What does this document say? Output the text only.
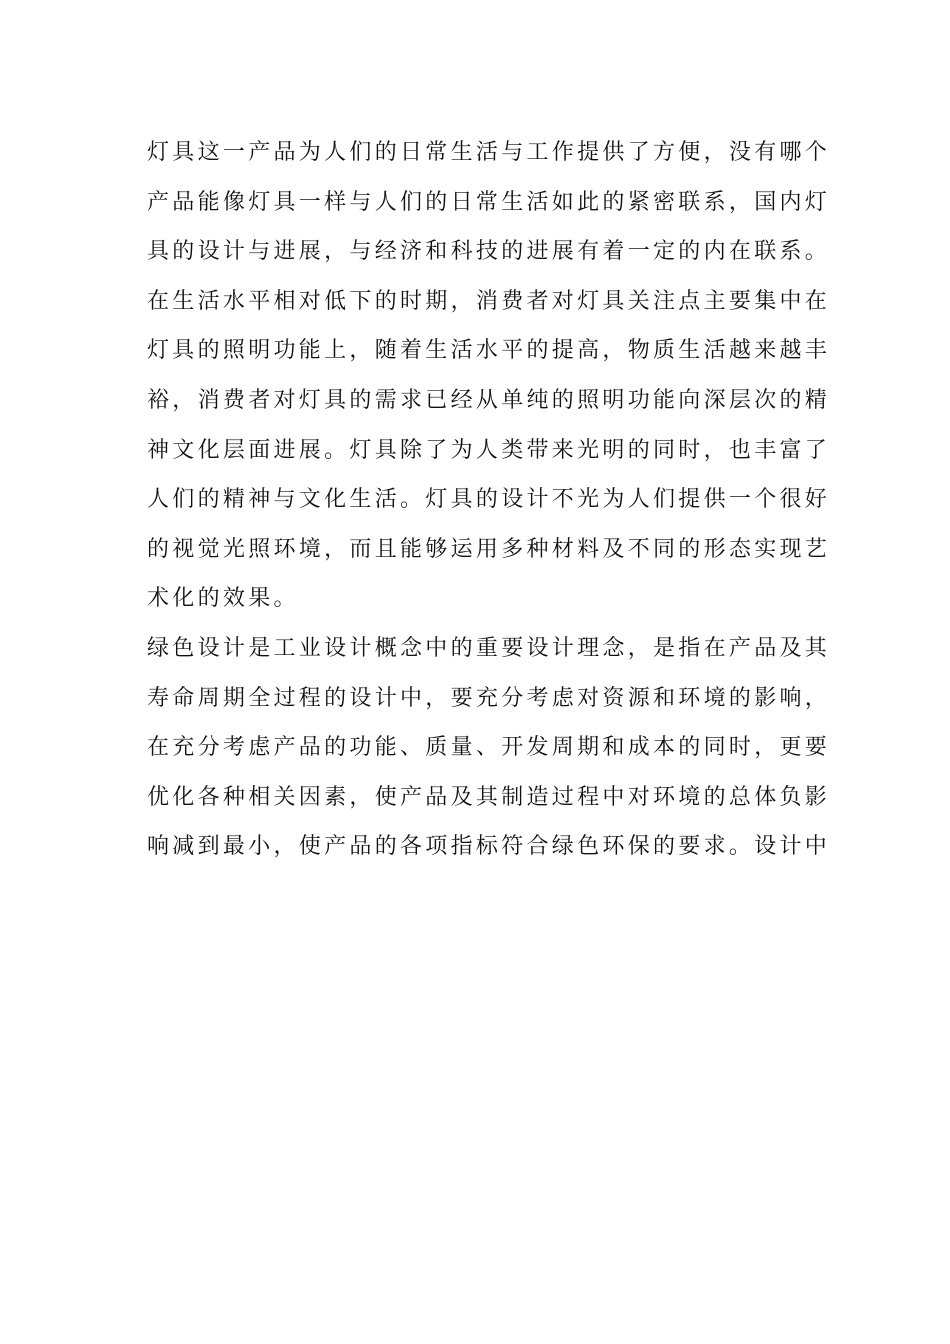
灯具这一产品为人们的日常生活与工作提供了方便，没有哪个
产品能像灯具一样与人们的日常生活如此的紧密联系，国内灯
具的设计与进展，与经济和科技的进展有着一定的内在联系。
在生活水平相对低下的时期，消费者对灯具关注点主要集中在
灯具的照明功能上，随着生活水平的提高，物质生活越来越丰
裕，消费者对灯具的需求已经从单纯的照明功能向深层次的精
神文化层面进展。灯具除了为人类带来光明的同时，也丰富了
人们的精神与文化生活。灯具的设计不光为人们提供一个很好
的视觉光照环境，而且能够运用多种材料及不同的形态实现艺
术化的效果。
绿色设计是工业设计概念中的重要设计理念，是指在产品及其
寿命周期全过程的设计中，要充分考虑对资源和环境的影响，
在充分考虑产品的功能、质量、开发周期和成本的同时，更要
优化各种相关因素，使产品及其制造过程中对环境的总体负影
响减到最小，使产品的各项指标符合绿色环保的要求。设计中
